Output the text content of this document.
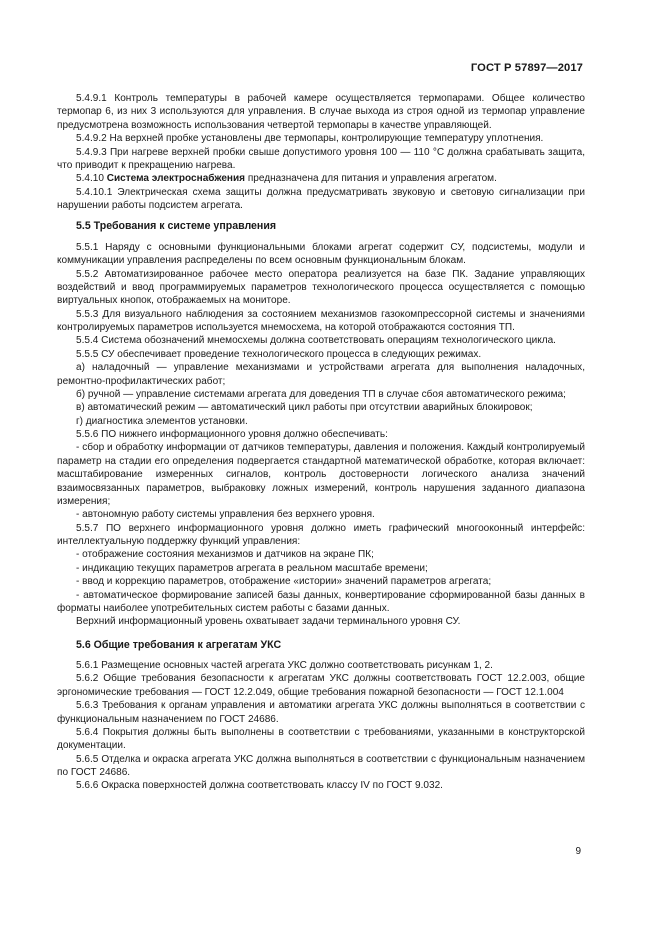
ГОСТ Р 57897—2017

5.4.9.1 Контроль температуры в рабочей камере осуществляется термопарами. Общее количество термопар 6, из них 3 используются для управления. В случае выхода из строя одной из термопар управление предусмотрена возможность использования четвертой термопары в качестве управляющей.

5.4.9.2 На верхней пробке установлены две термопары, контролирующие температуру уплотнения.

5.4.9.3 При нагреве верхней пробки свыше допустимого уровня 100 — 110 °С должна срабатывать защита, что приводит к прекращению нагрева.

5.4.10 Система электроснабжения предназначена для питания и управления агрегатом.

5.4.10.1 Электрическая схема защиты должна предусматривать звуковую и световую сигнализации при нарушении работы подсистем агрегата.

5.5 Требования к системе управления

5.5.1 Наряду с основными функциональными блоками агрегат содержит СУ, подсистемы, модули и коммуникации управления распределены по всем основным функциональным блокам.

5.5.2 Автоматизированное рабочее место оператора реализуется на базе ПК. Задание управляющих воздействий и ввод программируемых параметров технологического процесса осуществляется с помощью виртуальных кнопок, отображаемых на мониторе.

5.5.3 Для визуального наблюдения за состоянием механизмов газокомпрессорной системы и значениями контролируемых параметров используется мнемосхема, на которой отображаются состояния ТП.

5.5.4 Система обозначений мнемосхемы должна соответствовать операциям технологического цикла.

5.5.5 СУ обеспечивает проведение технологического процесса в следующих режимах.

а) наладочный — управление механизмами и устройствами агрегата для выполнения наладочных, ремонтно-профилактических работ;

б) ручной — управление системами агрегата для доведения ТП в случае сбоя автоматического режима;

в) автоматический режим — автоматический цикл работы при отсутствии аварийных блокировок;

г) диагностика элементов установки.

5.5.6 ПО нижнего информационного уровня должно обеспечивать:

- сбор и обработку информации от датчиков температуры, давления и положения. Каждый контролируемый параметр на стадии его определения подвергается стандартной математической обработке, которая включает: масштабирование измеренных сигналов, контроль достоверности логического анализа значений взаимосвязанных параметров, выбраковку ложных измерений, контроль нарушения заданного диапазона измерения;

- автономную работу системы управления без верхнего уровня.

5.5.7 ПО верхнего информационного уровня должно иметь графический многооконный интерфейс: интеллектуальную поддержку функций управления:

- отображение состояния механизмов и датчиков на экране ПК;

- индикацию текущих параметров агрегата в реальном масштабе времени;

- ввод и коррекцию параметров, отображение «истории» значений параметров агрегата;

- автоматическое формирование записей базы данных, конвертирование сформированной базы данных в форматы наиболее употребительных систем работы с базами данных.

Верхний информационный уровень охватывает задачи терминального уровня СУ.

5.6 Общие требования к агрегатам УКС

5.6.1 Размещение основных частей агрегата УКС должно соответствовать рисункам 1, 2.

5.6.2 Общие требования безопасности к агрегатам УКС должны соответствовать ГОСТ 12.2.003, общие эргономические требования — ГОСТ 12.2.049, общие требования пожарной безопасности — ГОСТ 12.1.004

5.6.3 Требования к органам управления и автоматики агрегата УКС должны выполняться в соответствии с функциональным назначением по ГОСТ 24686.

5.6.4 Покрытия должны быть выполнены в соответствии с требованиями, указанными в конструкторской документации.

5.6.5 Отделка и окраска агрегата УКС должна выполняться в соответствии с функциональным назначением по ГОСТ 24686.

5.6.6 Окраска поверхностей должна соответствовать классу IV по ГОСТ 9.032.

9
